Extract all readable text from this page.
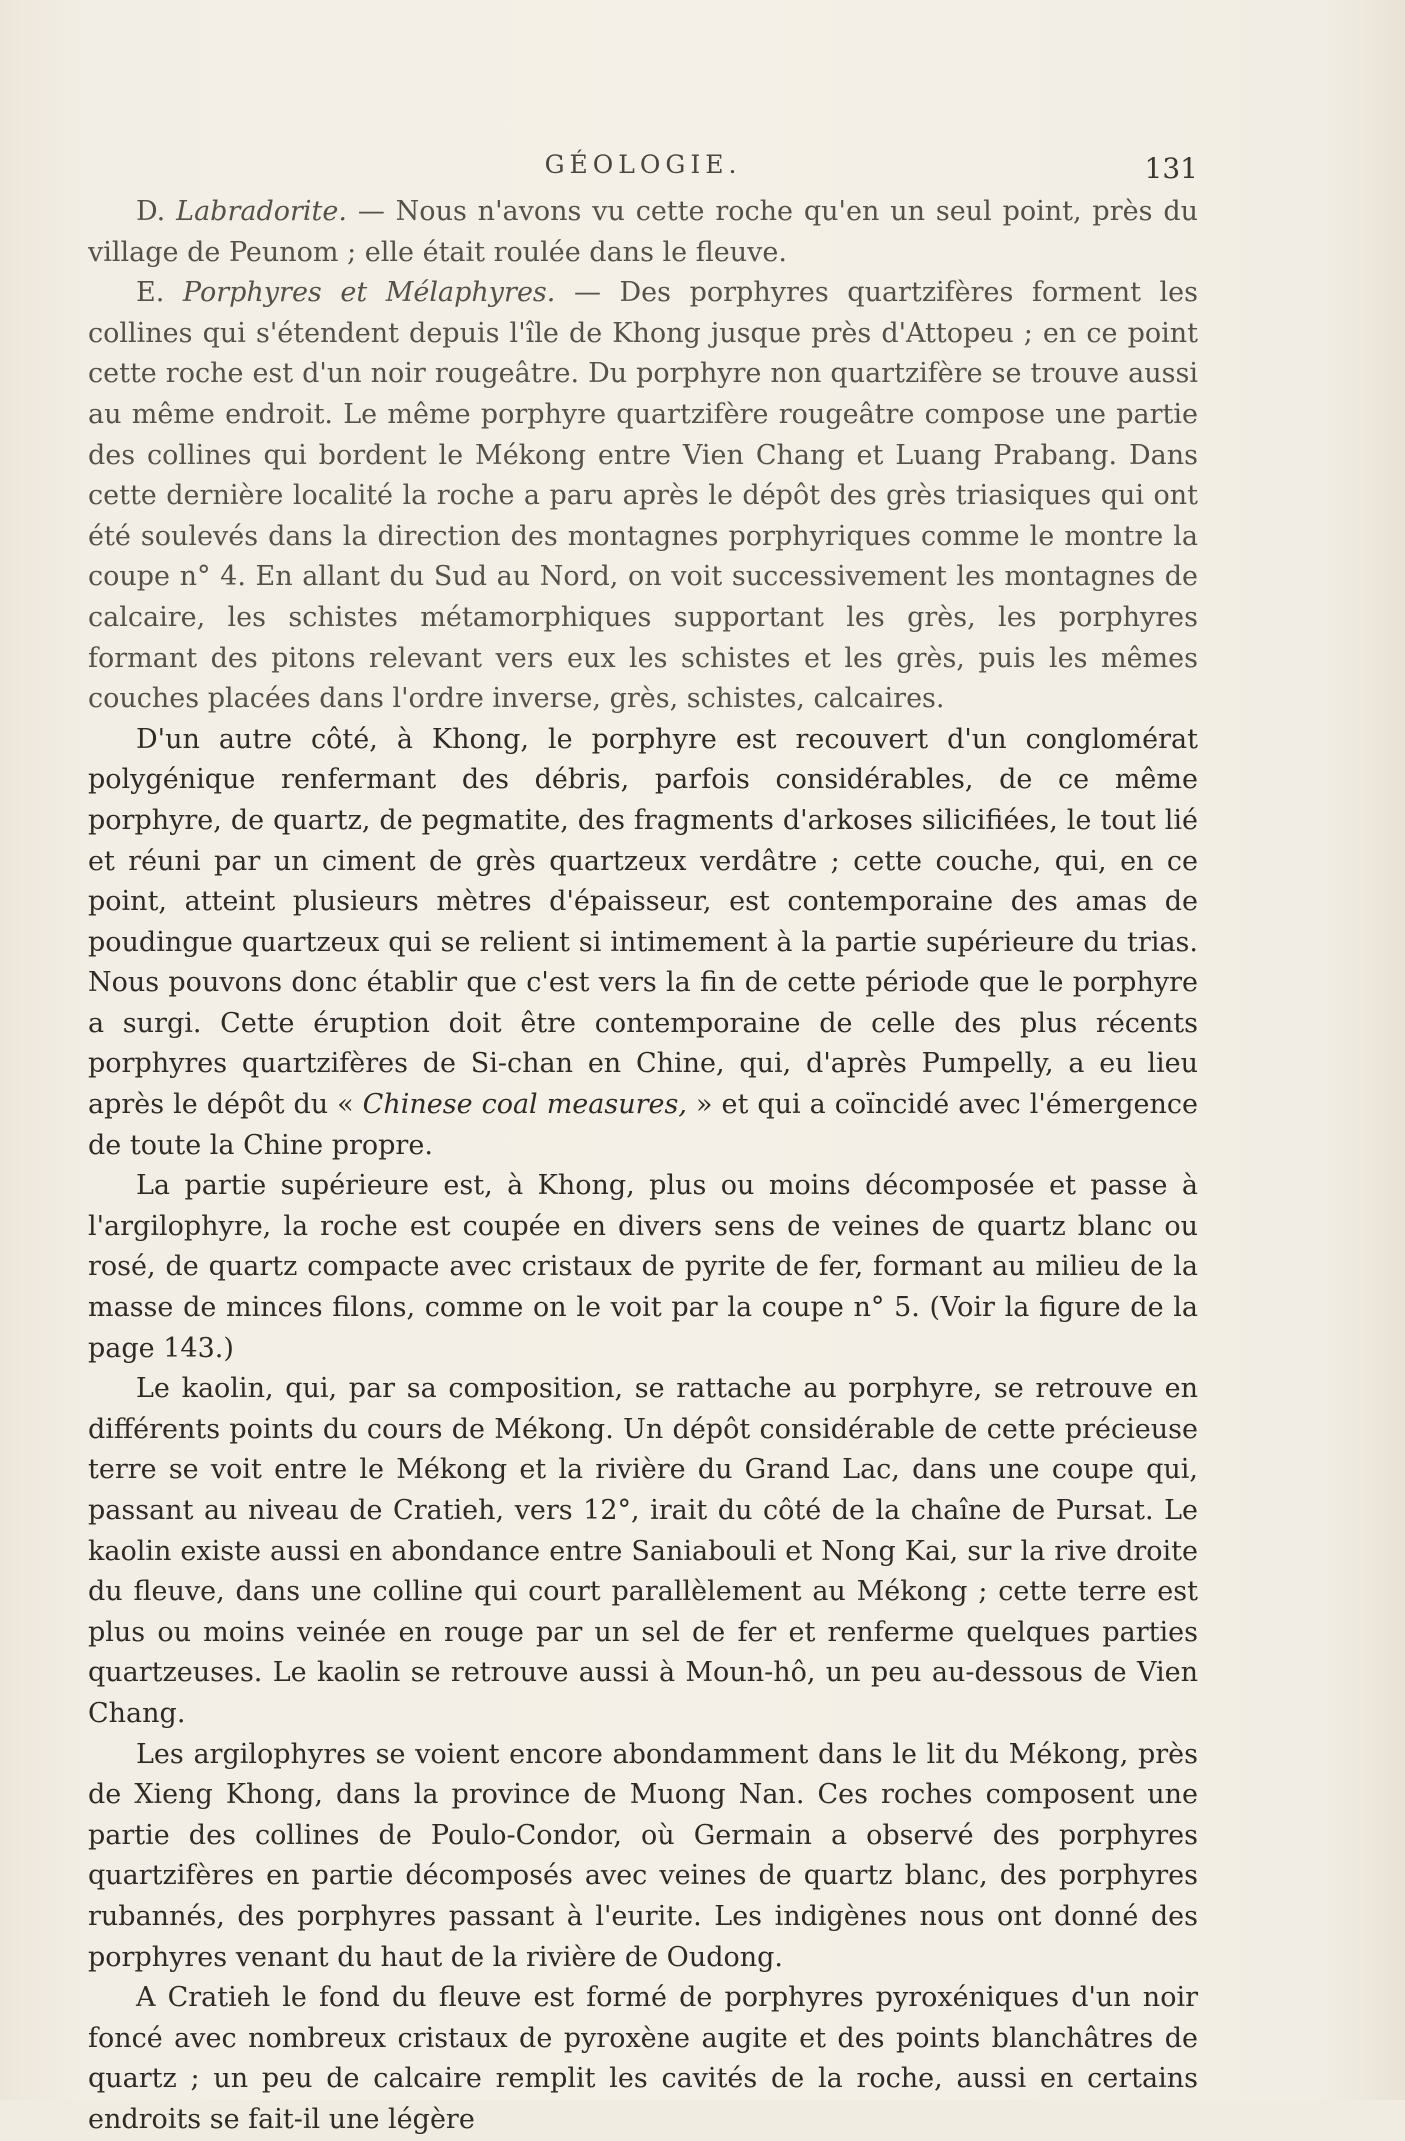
GÉOLOGIE.	131

D. Labradorite. — Nous n'avons vu cette roche qu'en un seul point, près du village de Peunom ; elle était roulée dans le fleuve.

E. Porphyres et Mélaphyres. — Des porphyres quartzifères forment les collines qui s'étendent depuis l'île de Khong jusque près d'Attopeu ; en ce point cette roche est d'un noir rougeâtre. Du porphyre non quartzifère se trouve aussi au même endroit. Le même porphyre quartzifère rougeâtre compose une partie des collines qui bordent le Mékong entre Vien Chang et Luang Prabang. Dans cette dernière localité la roche a paru après le dépôt des grès triasiques qui ont été soulevés dans la direction des montagnes porphyriques comme le montre la coupe n° 4. En allant du Sud au Nord, on voit successivement les montagnes de calcaire, les schistes métamorphiques supportant les grès, les porphyres formant des pitons relevant vers eux les schistes et les grès, puis les mêmes couches placées dans l'ordre inverse, grès, schistes, calcaires.

D'un autre côté, à Khong, le porphyre est recouvert d'un conglomérat polygénique renfermant des débris, parfois considérables, de ce même porphyre, de quartz, de pegmatite, des fragments d'arkoses silicifiées, le tout lié et réuni par un ciment de grès quartzeux verdâtre ; cette couche, qui, en ce point, atteint plusieurs mètres d'épaisseur, est contemporaine des amas de poudingue quartzeux qui se relient si intimement à la partie supérieure du trias. Nous pouvons donc établir que c'est vers la fin de cette période que le porphyre a surgi. Cette éruption doit être contemporaine de celle des plus récents porphyres quartzifères de Si-chan en Chine, qui, d'après Pumpelly, a eu lieu après le dépôt du « Chinese coal measures, » et qui a coïncidé avec l'émergence de toute la Chine propre.

La partie supérieure est, à Khong, plus ou moins décomposée et passe à l'argilophyre, la roche est coupée en divers sens de veines de quartz blanc ou rosé, de quartz compacte avec cristaux de pyrite de fer, formant au milieu de la masse de minces filons, comme on le voit par la coupe n° 5. (Voir la figure de la page 143.)

Le kaolin, qui, par sa composition, se rattache au porphyre, se retrouve en différents points du cours de Mékong. Un dépôt considérable de cette précieuse terre se voit entre le Mékong et la rivière du Grand Lac, dans une coupe qui, passant au niveau de Cratieh, vers 12°, irait du côté de la chaîne de Pursat. Le kaolin existe aussi en abondance entre Saniabouli et Nong Kai, sur la rive droite du fleuve, dans une colline qui court parallèlement au Mékong ; cette terre est plus ou moins veinée en rouge par un sel de fer et renferme quelques parties quartzeuses. Le kaolin se retrouve aussi à Moun-hô, un peu au-dessous de Vien Chang.

Les argilophyres se voient encore abondamment dans le lit du Mékong, près de Xieng Khong, dans la province de Muong Nan. Ces roches composent une partie des collines de Poulo-Condor, où Germain a observé des porphyres quartzifères en partie décomposés avec veines de quartz blanc, des porphyres rubannés, des porphyres passant à l'eurite. Les indigènes nous ont donné des porphyres venant du haut de la rivière de Oudong.

A Cratieh le fond du fleuve est formé de porphyres pyroxéniques d'un noir foncé avec nombreux cristaux de pyroxène augite et des points blanchâtres de quartz ; un peu de calcaire remplit les cavités de la roche, aussi en certains endroits se fait-il une légère
